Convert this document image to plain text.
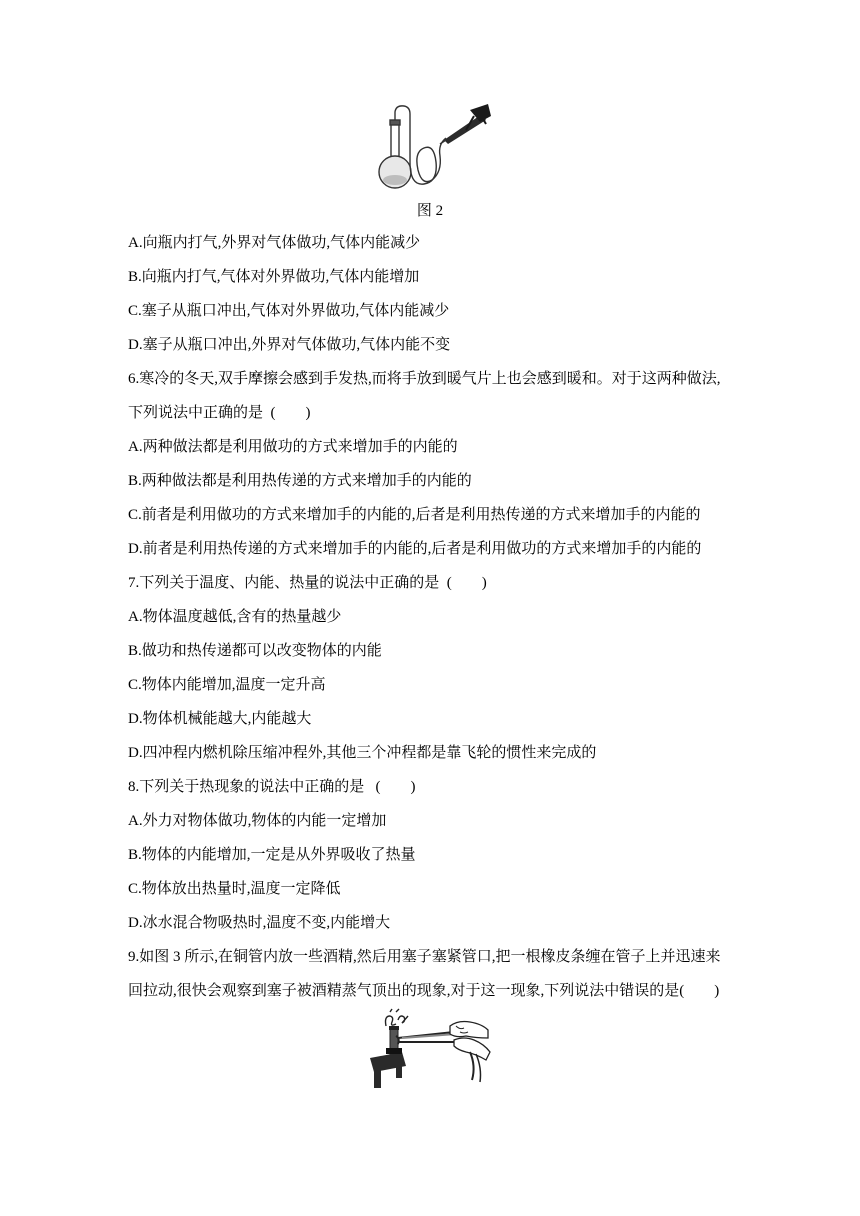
图 2
A.向瓶内打气,外界对气体做功,气体内能减少
B.向瓶内打气,气体对外界做功,气体内能增加
C.塞子从瓶口冲出,气体对外界做功,气体内能减少
D.塞子从瓶口冲出,外界对气体做功,气体内能不变
6.寒冷的冬天,双手摩擦会感到手发热,而将手放到暖气片上也会感到暖和。对于这两种做法,
下列说法中正确的是  (        )
A.两种做法都是利用做功的方式来增加手的内能的
B.两种做法都是利用热传递的方式来增加手的内能的
C.前者是利用做功的方式来增加手的内能的,后者是利用热传递的方式来增加手的内能的
D.前者是利用热传递的方式来增加手的内能的,后者是利用做功的方式来增加手的内能的
7.下列关于温度、内能、热量的说法中正确的是  (        )
A.物体温度越低,含有的热量越少
B.做功和热传递都可以改变物体的内能
C.物体内能增加,温度一定升高
D.物体机械能越大,内能越大
D.四冲程内燃机除压缩冲程外,其他三个冲程都是靠飞轮的惯性来完成的
8.下列关于热现象的说法中正确的是   (        )
A.外力对物体做功,物体的内能一定增加
B.物体的内能增加,一定是从外界吸收了热量
C.物体放出热量时,温度一定降低
D.冰水混合物吸热时,温度不变,内能增大
9.如图 3 所示,在铜管内放一些酒精,然后用塞子塞紧管口,把一根橡皮条缠在管子上并迅速来
回拉动,很快会观察到塞子被酒精蒸气顶出的现象,对于这一现象,下列说法中错误的是(        )
